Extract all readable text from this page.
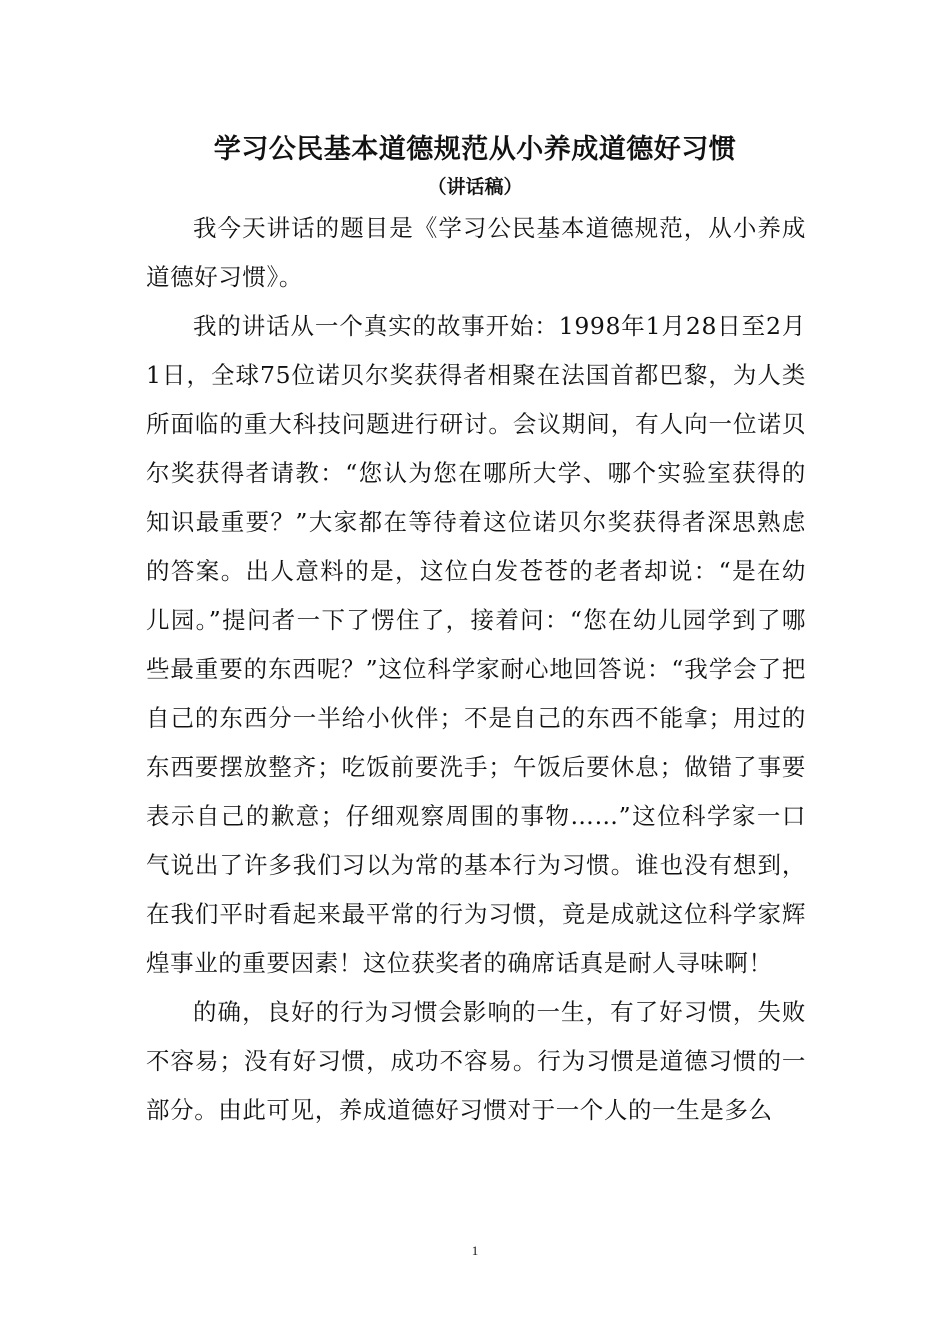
学习公民基本道德规范从小养成道德好习惯
（讲话稿）

我今天讲话的题目是《学习公民基本道德规范，从小养成道德好习惯》。

我的讲话从一个真实的故事开始：1998年1月28日至2月1日，全球75位诺贝尔奖获得者相聚在法国首都巴黎，为人类所面临的重大科技问题进行研讨。会议期间，有人向一位诺贝尔奖获得者请教：“您认为您在哪所大学、哪个实验室获得的知识最重要？”大家都在等待着这位诺贝尔奖获得者深思熟虑的答案。出人意料的是，这位白发苍苍的老者却说：“是在幼儿园。”提问者一下了愣住了，接着问：“您在幼儿园学到了哪些最重要的东西呢？”这位科学家耐心地回答说：“我学会了把自己的东西分一半给小伙伴；不是自己的东西不能拿；用过的东西要摆放整齐；吃饭前要洗手；午饭后要休息；做错了事要表示自己的歉意；仔细观察周围的事物……”这位科学家一口气说出了许多我们习以为常的基本行为习惯。谁也没有想到，在我们平时看起来最平常的行为习惯，竟是成就这位科学家辉煌事业的重要因素！这位获奖者的确席话真是耐人寻味啊！

的确，良好的行为习惯会影响的一生，有了好习惯，失败不容易；没有好习惯，成功不容易。行为习惯是道德习惯的一部分。由此可见，养成道德好习惯对于一个人的一生是多么

1
